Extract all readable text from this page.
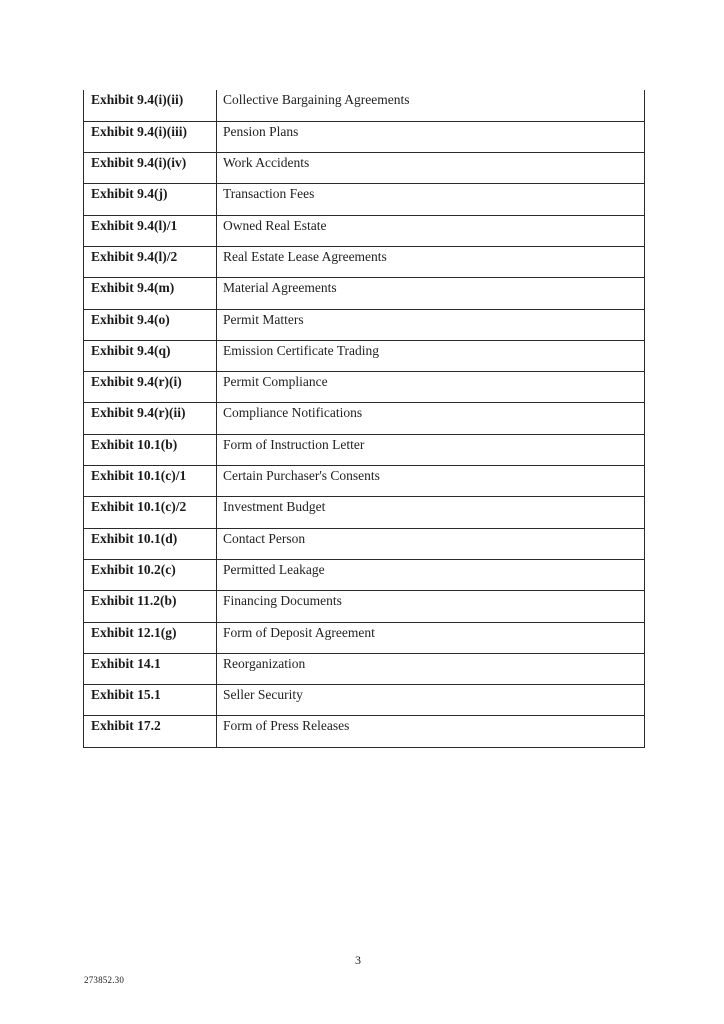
Exhibit 9.4(i)(ii)	Collective Bargaining Agreements
Exhibit 9.4(i)(iii)	Pension Plans
Exhibit 9.4(i)(iv)	Work Accidents
Exhibit 9.4(j)	Transaction Fees
Exhibit 9.4(l)/1	Owned Real Estate
Exhibit 9.4(l)/2	Real Estate Lease Agreements
Exhibit 9.4(m)	Material Agreements
Exhibit 9.4(o)	Permit Matters
Exhibit 9.4(q)	Emission Certificate Trading
Exhibit 9.4(r)(i)	Permit Compliance
Exhibit 9.4(r)(ii)	Compliance Notifications
Exhibit 10.1(b)	Form of Instruction Letter
Exhibit 10.1(c)/1	Certain Purchaser's Consents
Exhibit 10.1(c)/2	Investment Budget
Exhibit 10.1(d)	Contact Person
Exhibit 10.2(c)	Permitted Leakage
Exhibit 11.2(b)	Financing Documents
Exhibit 12.1(g)	Form of Deposit Agreement
Exhibit 14.1	Reorganization
Exhibit 15.1	Seller Security
Exhibit 17.2	Form of Press Releases
3
273852.30
